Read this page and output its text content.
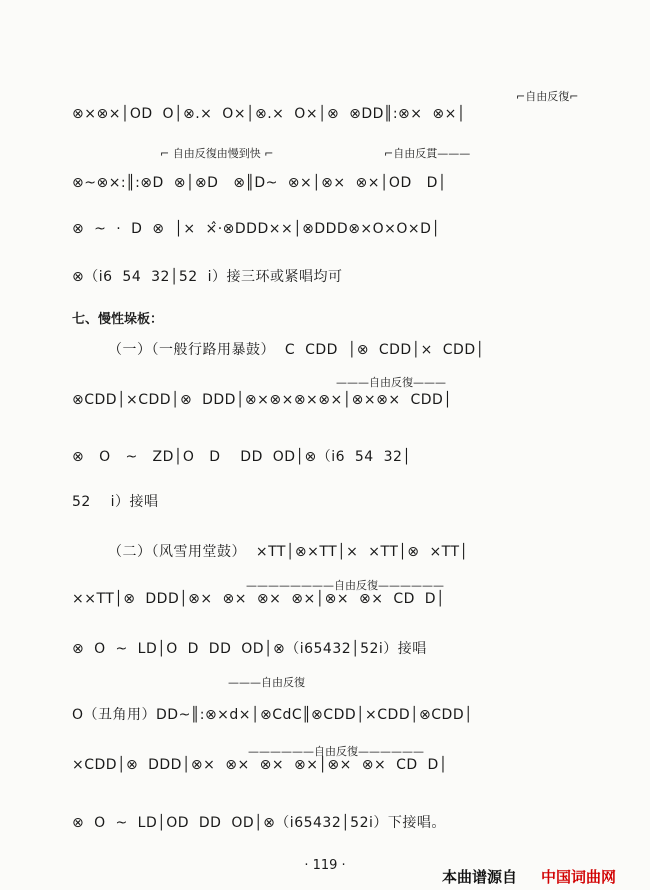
⌐自由反復⌐
⌐ 自由反復由慢到快 ⌐	⌐自由反貫———
———自由反復———
————————自由反復——————
———自由反復
——————自由反復——————
⊗×⊗×│OD  O│⊗.×  O×│⊗.×  O×│⊗  ⊗DD║:⊗×  ⊗×│
⊗~⊗×:║:⊗D  ⊗│⊗D   ⊗║D~  ⊗×│⊗×  ⊗×│OD   D│
⊗  ~  ·  D  ⊗  │×  ×̂·⊗DDD××│⊗DDD⊗×O×O×D│
⊗（i6  54  32│52  i）接三环或紧唱均可
七、慢性垛板：
（一）（一般行路用暴鼓）  C  CDD  │⊗  CDD│×  CDD│
⊗CDD│×CDD│⊗  DDD│⊗×⊗×⊗×⊗×│⊗×⊗×  CDD│
⊗   O   ~   ZD│O   D    DD  OD│⊗（i6  54  32│
52    i）接唱
（二）（风雪用堂鼓）  ×TT│⊗×TT│×  ×TT│⊗  ×TT│
××TT│⊗  DDD│⊗×  ⊗×  ⊗×  ⊗×│⊗×  ⊗×  CD  D│
⊗  O  ~  LD│O  D  DD  OD│⊗（i65432│52i）接唱
O（丑角用）DD~║:⊗×d×│⊗CdC║⊗CDD│×CDD│⊗CDD│
×CDD│⊗  DDD│⊗×  ⊗×  ⊗×  ⊗×│⊗×  ⊗×  CD  D│
⊗  O  ~  LD│OD  DD  OD│⊗（i65432│52i）下接唱。
· 119 ·
本曲谱源自 中国词曲网
